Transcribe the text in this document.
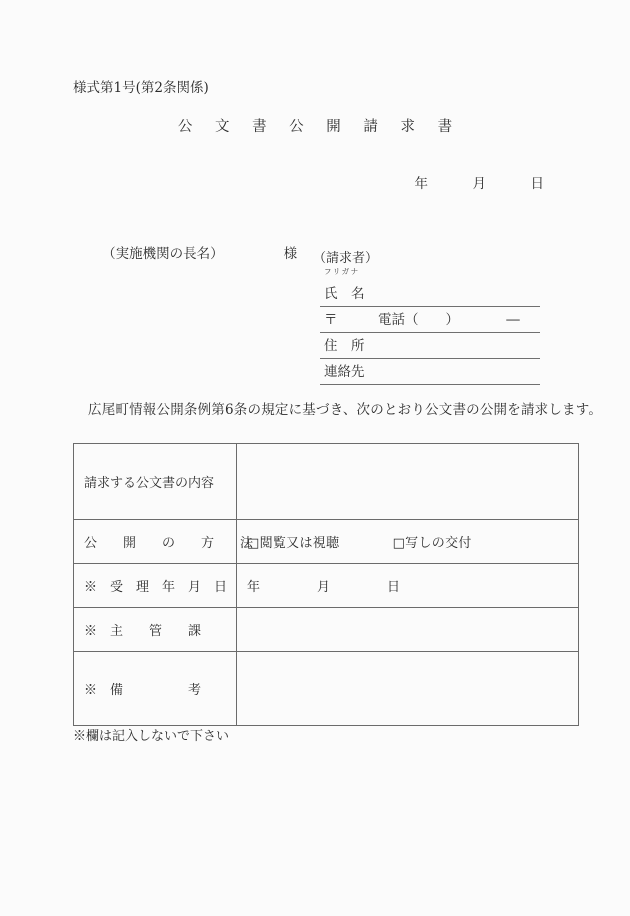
様式第1号(第2条関係)
公 文 書 公 開 請 求 書
年　　　月　　　日

（実施機関の長名）	様
（請求者）
フリガナ
氏　名
〒　　　電話（　　）　　　　―
住　所
連絡先
広尾町情報公開条例第6条の規定に基づき、次のとおり公文書の公開を請求します。
請求する公文書の内容	
公　　開　　の　　方　　法	□閲覧又は視聴　　　　□写しの交付
※　受　理　年　月　日	年　　　　月　　　　日
※　主　　管　　課	
※　備　　　　　考	
※欄は記入しないで下さい
